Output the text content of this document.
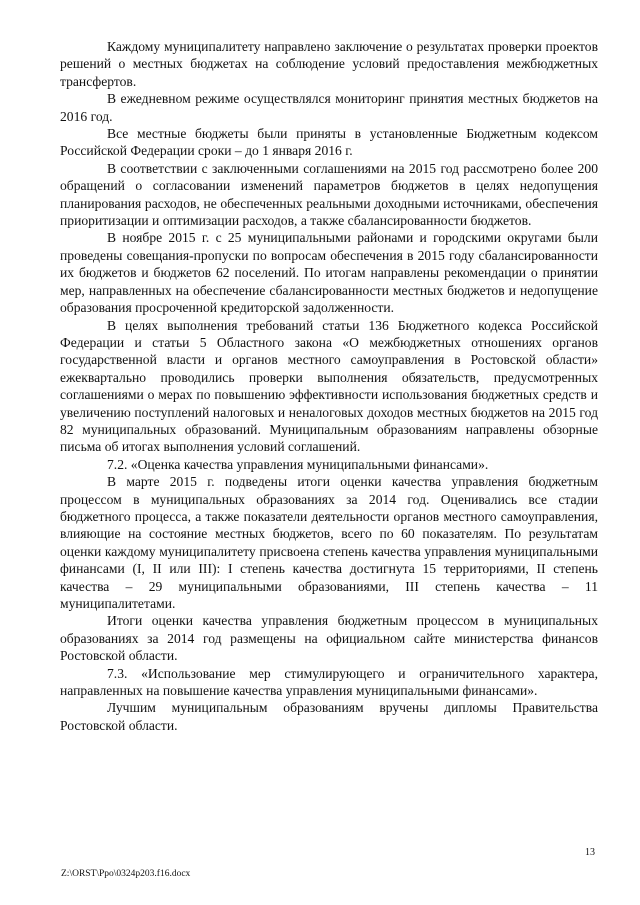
Каждому муниципалитету направлено заключение о результатах проверки проектов решений о местных бюджетах на соблюдение условий предоставления межбюджетных трансфертов.

В ежедневном режиме осуществлялся мониторинг принятия местных бюджетов на 2016 год.

Все местные бюджеты были приняты в установленные Бюджетным кодексом Российской Федерации сроки – до 1 января 2016 г.

В соответствии с заключенными соглашениями на 2015 год рассмотрено более 200 обращений о согласовании изменений параметров бюджетов в целях недопущения планирования расходов, не обеспеченных реальными доходными источниками, обеспечения приоритизации и оптимизации расходов, а также сбалансированности бюджетов.

В ноябре 2015 г. с 25 муниципальными районами и городскими округами были проведены совещания-пропуски по вопросам обеспечения в 2015 году сбалансированности их бюджетов и бюджетов 62 поселений. По итогам направлены рекомендации о принятии мер, направленных на обеспечение сбалансированности местных бюджетов и недопущение образования просроченной кредиторской задолженности.

В целях выполнения требований статьи 136 Бюджетного кодекса Российской Федерации и статьи 5 Областного закона «О межбюджетных отношениях органов государственной власти и органов местного самоуправления в Ростовской области» ежеквартально проводились проверки выполнения обязательств, предусмотренных соглашениями о мерах по повышению эффективности использования бюджетных средств и увеличению поступлений налоговых и неналоговых доходов местных бюджетов на 2015 год 82 муниципальных образований. Муниципальным образованиям направлены обзорные письма об итогах выполнения условий соглашений.

7.2. «Оценка качества управления муниципальными финансами».

В марте 2015 г. подведены итоги оценки качества управления бюджетным процессом в муниципальных образованиях за 2014 год. Оценивались все стадии бюджетного процесса, а также показатели деятельности органов местного самоуправления, влияющие на состояние местных бюджетов, всего по 60 показателям. По результатам оценки каждому муниципалитету присвоена степень качества управления муниципальными финансами (I, II или III): I степень качества достигнута 15 территориями, II степень качества – 29 муниципальными образованиями, III степень качества – 11 муниципалитетами.

Итоги оценки качества управления бюджетным процессом в муниципальных образованиях за 2014 год размещены на официальном сайте министерства финансов Ростовской области.

7.3. «Использование мер стимулирующего и ограничительного характера, направленных на повышение качества управления муниципальными финансами».

Лучшим муниципальным образованиям вручены дипломы Правительства Ростовской области.

13
Z:\ORST\Ppo\0324p203.f16.docx
